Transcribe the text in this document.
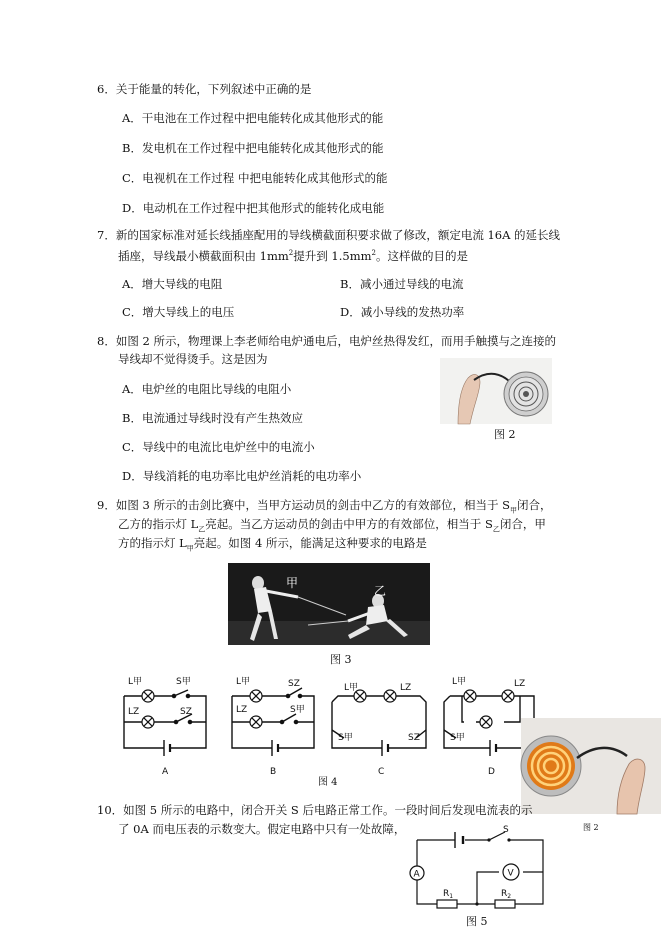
6．关于能量的转化，下列叙述中正确的是
A．干电池在工作过程中把电能转化成其他形式的能
B．发电机在工作过程中把电能转化成其他形式的能
C．电视机在工作过程 中把电能转化成其他形式的能
D．电动机在工作过程中把其他形式的能转化成电能
7．新的国家标准对延长线插座配用的导线横截面积要求做了修改，额定电流 16A 的延长线
插座，导线最小横截面积由 $1mm^2$提升到 $1.5mm^2$。这样做的目的是
A．增大导线的电阻	B．减小通过导线的电流
C．增大导线上的电压	D．减小导线的发热功率
8．如图 2 所示，物理课上李老师给电炉通电后，电炉丝热得发红，而用手触摸与之连接的
导线却不觉得烫手。这是因为
A．电炉丝的电阻比导线的电阻小
B．电流通过导线时没有产生热效应
C．导线中的电流比电炉丝中的电流小
D．导线消耗的电功率比电炉丝消耗的电功率小
图 2
9．如图 3 所示的击剑比赛中，当甲方运动员的剑击中乙方的有效部位，相当于 $S_甲$闭合，
乙方的指示灯 $L_乙$亮起。当乙方运动员的剑击中甲方的有效部位，相当于 $S_乙$闭合，甲
方的指示灯 $L_甲$亮起。如图 4 所示，能满足这种要求的电路是
甲
乙
图 3
L甲	S甲
LZ	SZ
L甲	SZ
LZ	S甲
L甲	LZ
S甲	SZ
L甲	LZ
S甲
A	B	C	D
图 4
图 2
10．如图 5 所示的电路中，闭合开关 S 后电路正常工作。一段时间后发现电流表的示
了 0A 而电压表的示数变大。假定电路中只有一处故障，	S
A	V
$R_1$	$R_2$
图 5
